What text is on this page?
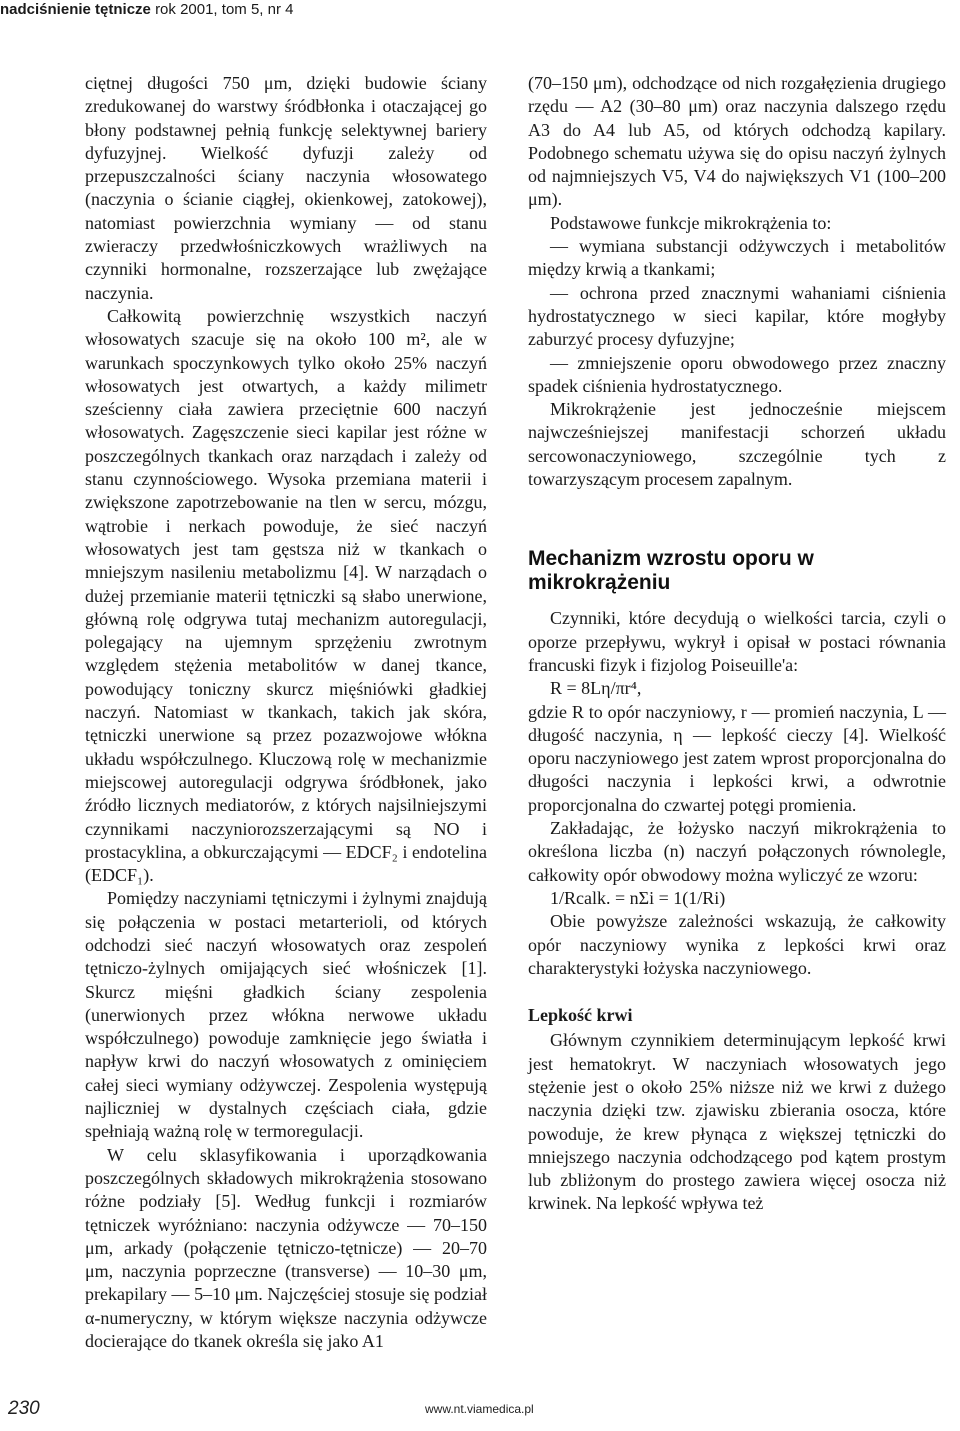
nadciśnienie tętnicze rok 2001, tom 5, nr 4

ciętnej długości 750 μm, dzięki budowie ściany zredukowanej do warstwy śródbłonka i otaczającej go błony podstawnej pełnią funkcję selektywnej bariery dyfuzyjnej. Wielkość dyfuzji zależy od przepuszczalności ściany naczynia włosowatego (naczynia o ścianie ciągłej, okienkowej, zatokowej), natomiast powierzchnia wymiany — od stanu zwieraczy przedwłośniczkowych wrażliwych na czynniki hormonalne, rozszerzające lub zwężające naczynia.

Całkowitą powierzchnię wszystkich naczyń włosowatych szacuje się na około 100 m², ale w warunkach spoczynkowych tylko około 25% naczyń włosowatych jest otwartych, a każdy milimetr sześcienny ciała zawiera przeciętnie 600 naczyń włosowatych. Zagęszczenie sieci kapilar jest różne w poszczególnych tkankach oraz narządach i zależy od stanu czynnościowego. Wysoka przemiana materii i zwiększone zapotrzebowanie na tlen w sercu, mózgu, wątrobie i nerkach powoduje, że sieć naczyń włosowatych jest tam gęstsza niż w tkankach o mniejszym nasileniu metabolizmu [4]. W narządach o dużej przemianie materii tętniczki są słabo unerwione, główną rolę odgrywa tutaj mechanizm autoregulacji, polegający na ujemnym sprzężeniu zwrotnym względem stężenia metabolitów w danej tkance, powodujący toniczny skurcz mięśniówki gładkiej naczyń. Natomiast w tkankach, takich jak skóra, tętniczki unerwione są przez pozazwojowe włókna układu współczulnego. Kluczową rolę w mechanizmie miejscowej autoregulacji odgrywa śródbłonek, jako źródło licznych mediatorów, z których najsilniejszymi czynnikami naczyniorozszerzającymi są NO i prostacyklina, a obkurczającymi — EDCF₂ i endotelina (EDCF₁).

Pomiędzy naczyniami tętniczymi i żylnymi znajdują się połączenia w postaci metarterioli, od których odchodzi sieć naczyń włosowatych oraz zespoleń tętniczo-żylnych omijających sieć włośniczek [1]. Skurcz mięśni gładkich ściany zespolenia (unerwionych przez włókna nerwowe układu współczulnego) powoduje zamknięcie jego światła i napływ krwi do naczyń włosowatych z ominięciem całej sieci wymiany odżywczej. Zespolenia występują najliczniej w dystalnych częściach ciała, gdzie spełniają ważną rolę w termoregulacji.

W celu sklasyfikowania i uporządkowania poszczególnych składowych mikrokrążenia stosowano różne podziały [5]. Według funkcji i rozmiarów tętniczek wyróżniano: naczynia odżywcze — 70–150 μm, arkady (połączenie tętniczo-tętnicze) — 20–70 μm, naczynia poprzeczne (transverse) — 10–30 μm, prekapilary — 5–10 μm. Najczęściej stosuje się podział α-numeryczny, w którym większe naczynia odżywcze docierające do tkanek określa się jako A1

(70–150 μm), odchodzące od nich rozgałęzienia drugiego rzędu — A2 (30–80 μm) oraz naczynia dalszego rzędu A3 do A4 lub A5, od których odchodzą kapilary. Podobnego schematu używa się do opisu naczyń żylnych od najmniejszych V5, V4 do największych V1 (100–200 μm).

Podstawowe funkcje mikrokrążenia to:

— wymiana substancji odżywczych i metabolitów między krwią a tkankami;

— ochrona przed znacznymi wahaniami ciśnienia hydrostatycznego w sieci kapilar, które mogłyby zaburzyć procesy dyfuzyjne;

— zmniejszenie oporu obwodowego przez znaczny spadek ciśnienia hydrostatycznego.

Mikrokrążenie jest jednocześnie miejscem najwcześniejszej manifestacji schorzeń układu sercowonaczyniowego, szczególnie tych z towarzyszącym procesem zapalnym.

Mechanizm wzrostu oporu w mikrokrążeniu

Czynniki, które decydują o wielkości tarcia, czyli o oporze przepływu, wykrył i opisał w postaci równania francuski fizyk i fizjolog Poiseuille'a:

R = 8Lη/πr⁴,

gdzie R to opór naczyniowy, r — promień naczynia, L — długość naczynia, η — lepkość cieczy [4]. Wielkość oporu naczyniowego jest zatem wprost proporcjonalna do długości naczynia i lepkości krwi, a odwrotnie proporcjonalna do czwartej potęgi promienia.

Zakładając, że łożysko naczyń mikrokrążenia to określona liczba (n) naczyń połączonych równolegle, całkowity opór obwodowy można wyliczyć ze wzoru:

1/Rcalk. = nΣi = 1(1/Ri)

Obie powyższe zależności wskazują, że całkowity opór naczyniowy wynika z lepkości krwi oraz charakterystyki łożyska naczyniowego.

Lepkość krwi

Głównym czynnikiem determinującym lepkość krwi jest hematokryt. W naczyniach włosowatych jego stężenie jest o około 25% niższe niż we krwi z dużego naczynia dzięki tzw. zjawisku zbierania osocza, które powoduje, że krew płynąca z większej tętniczki do mniejszego naczynia odchodzącego pod kątem prostym lub zbliżonym do prostego zawiera więcej osocza niż krwinek. Na lepkość wpływa też

230	www.nt.viamedica.pl
